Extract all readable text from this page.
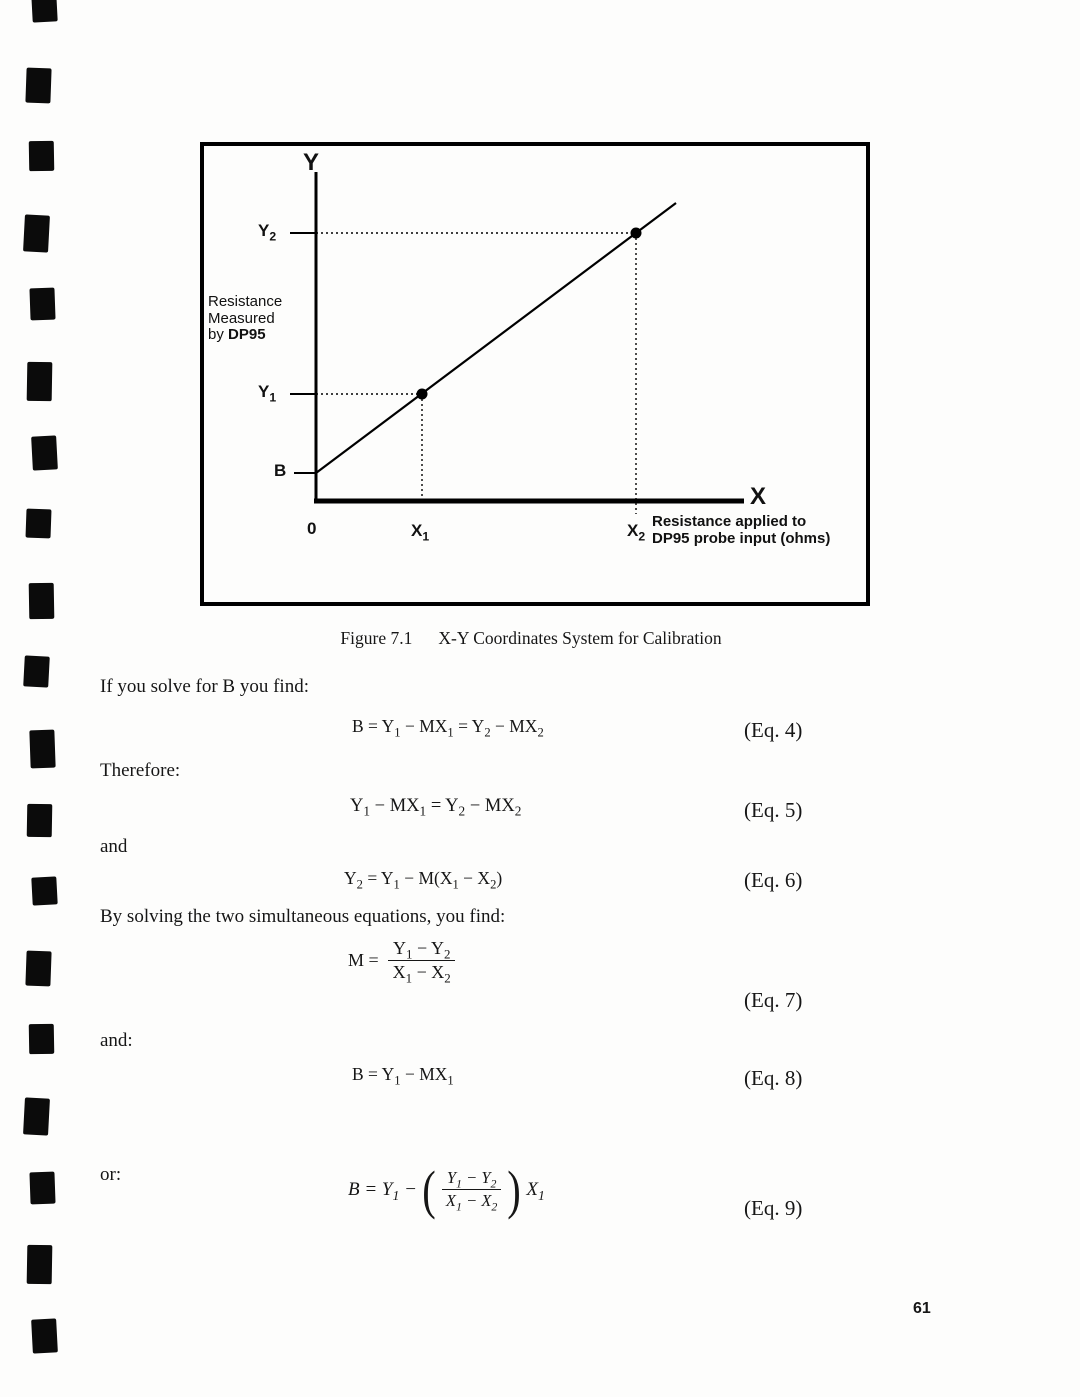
Y
X
$Y_2$
$Y_1$
B
0	$X_1$	$X_2$
Resistance
Measured
by DP95
Resistance applied to
DP95 probe input (ohms)
Figure 7.1 X-Y Coordinates System for Calibration
If you solve for B you find:
$B = Y_1 - MX_1 = Y_2 - MX_2$	(Eq. 4)
Therefore:
$Y_1 - MX_1 = Y_2 - MX_2$	(Eq. 5)
and
$Y_2 = Y_1 - M(X_1 - X_2)$	(Eq. 6)
By solving the two simultaneous equations, you find:
$M = \frac{Y_1 - Y_2}{X_1 - X_2}$
(Eq. 7)
and:
$B = Y_1 - MX_1$	(Eq. 8)
or:
$B = Y_1$ − ( $\frac{Y_1 - Y_2}{X_1 - X_2}$ ) $X_1$
(Eq. 9)
61
